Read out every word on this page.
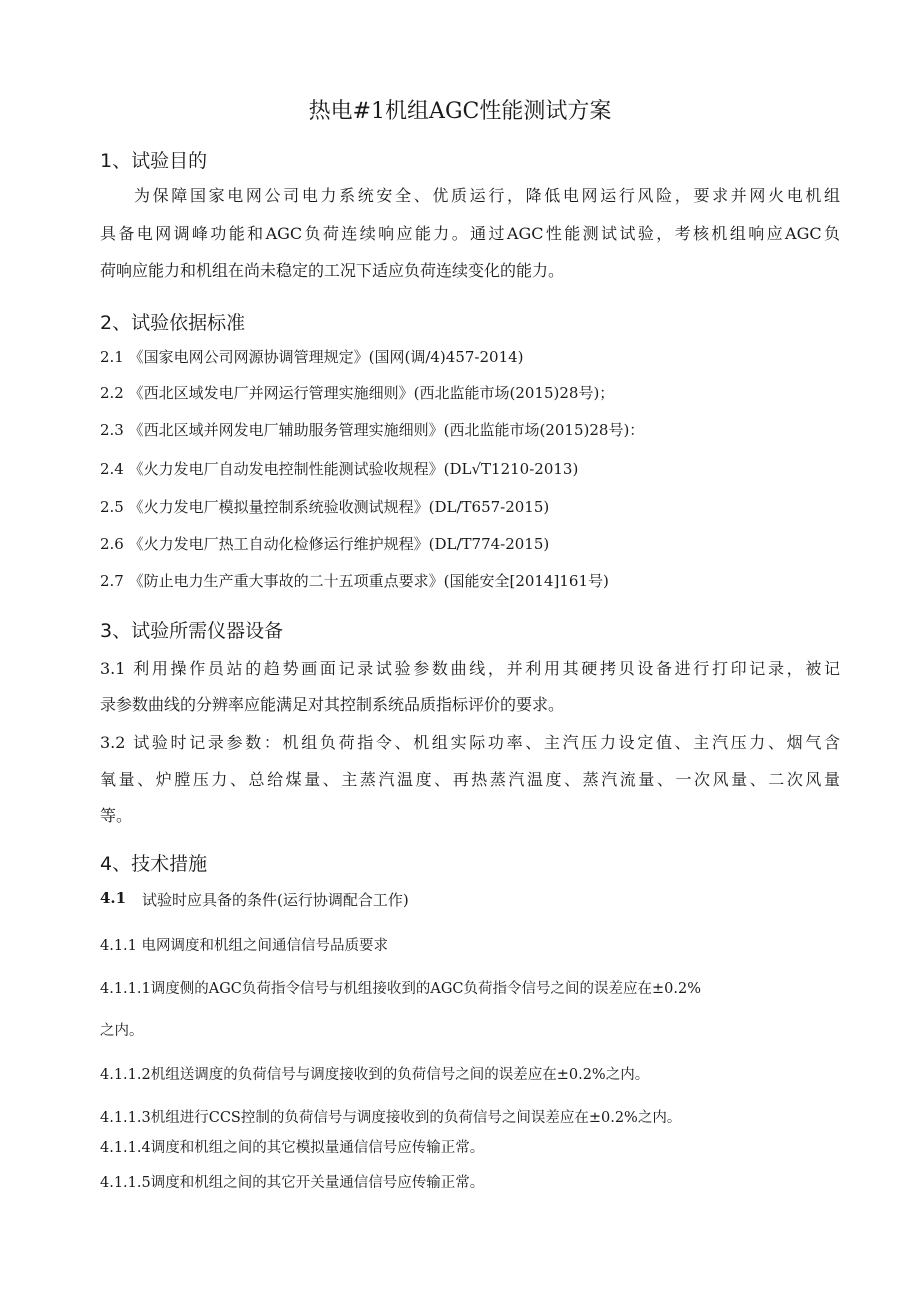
热电#1机组AGC性能测试方案
1、试验目的
为保障国家电网公司电力系统安全、优质运行，降低电网运行风险，要求并网火电机组
具备电网调峰功能和AGC负荷连续响应能力。通过AGC性能测试试验，考核机组响应AGC负
荷响应能力和机组在尚未稳定的工况下适应负荷连续变化的能力。
2、试验依据标准
2.1 《国家电网公司网源协调管理规定》(国网(调/4)457-2014)
2.2 《西北区域发电厂并网运行管理实施细则》(西北监能市场(2015)28号)；
2.3 《西北区域并网发电厂辅助服务管理实施细则》(西北监能市场(2015)28号)：
2.4 《火力发电厂自动发电控制性能测试验收规程》(DL√T1210-2013)
2.5 《火力发电厂模拟量控制系统验收测试规程》(DL/T657-2015)
2.6 《火力发电厂热工自动化检修运行维护规程》(DL/T774-2015)
2.7 《防止电力生产重大事故的二十五项重点要求》(国能安全[2014]161号)
3、试验所需仪器设备
3.1 利用操作员站的趋势画面记录试验参数曲线，并利用其硬拷贝设备进行打印记录，被记
录参数曲线的分辨率应能满足对其控制系统品质指标评价的要求。
3.2 试验时记录参数：机组负荷指令、机组实际功率、主汽压力设定值、主汽压力、烟气含
氧量、炉膛压力、总给煤量、主蒸汽温度、再热蒸汽温度、蒸汽流量、一次风量、二次风量
等。
4、技术措施
4.1 试验时应具备的条件(运行协调配合工作)
4.1.1 电网调度和机组之间通信信号品质要求
4.1.1.1调度侧的AGC负荷指令信号与机组接收到的AGC负荷指令信号之间的误差应在±0.2%
之内。
4.1.1.2机组送调度的负荷信号与调度接收到的负荷信号之间的误差应在±0.2%之内。
4.1.1.3机组进行CCS控制的负荷信号与调度接收到的负荷信号之间误差应在±0.2%之内。
4.1.1.4调度和机组之间的其它模拟量通信信号应传输正常。
4.1.1.5调度和机组之间的其它开关量通信信号应传输正常。
